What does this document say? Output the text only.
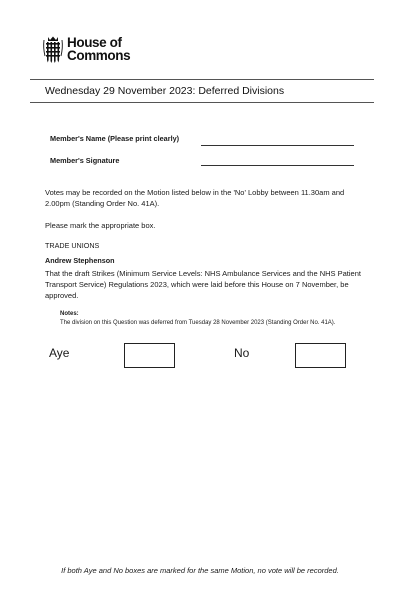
House of
Commons
Wednesday 29 November 2023: Deferred Divisions
Member's Name (Please print clearly)
Member's Signature
Votes may be recorded on the Motion listed below in the 'No' Lobby between 11.30am and 2.00pm (Standing Order No. 41A).
Please mark the appropriate box.
TRADE UNIONS
Andrew Stephenson
That the draft Strikes (Minimum Service Levels: NHS Ambulance Services and the NHS Patient Transport Service) Regulations 2023, which were laid before this House on 7 November, be approved.
Notes:
The division on this Question was deferred from Tuesday 28 November 2023 (Standing Order No. 41A).
Aye	No
If both Aye and No boxes are marked for the same Motion, no vote will be recorded.
